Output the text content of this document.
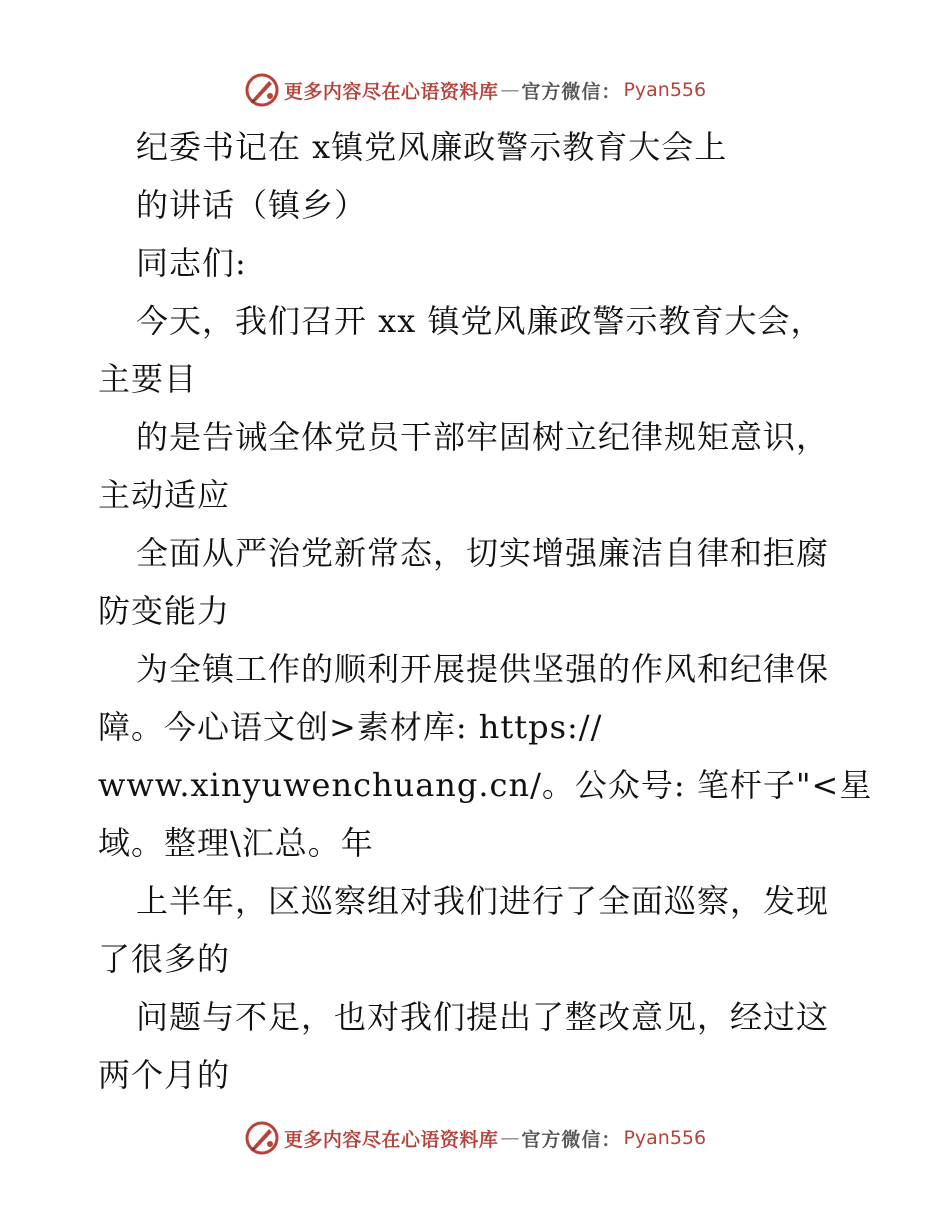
更多内容尽在心语资料库 — 官方微信： Pyan556
纪委书记在 x镇党风廉政警示教育大会上
的讲话（镇乡）
同志们:
今天，我们召开 xx 镇党风廉政警示教育大会，
主要目
的是告诫全体党员干部牢固树立纪律规矩意识，
主动适应
全面从严治党新常态，切实增强廉洁自律和拒腐
防变能力
为全镇工作的顺利开展提供坚强的作风和纪律保
障。今心语文创>素材库: https://
www.xinyuwenchuang.cn/。公众号: 笔杆子"<星
域。整理\汇总。年
上半年，区巡察组对我们进行了全面巡察，发现
了很多的
问题与不足，也对我们提出了整改意见，经过这
两个月的
更多内容尽在心语资料库 — 官方微信： Pyan556
